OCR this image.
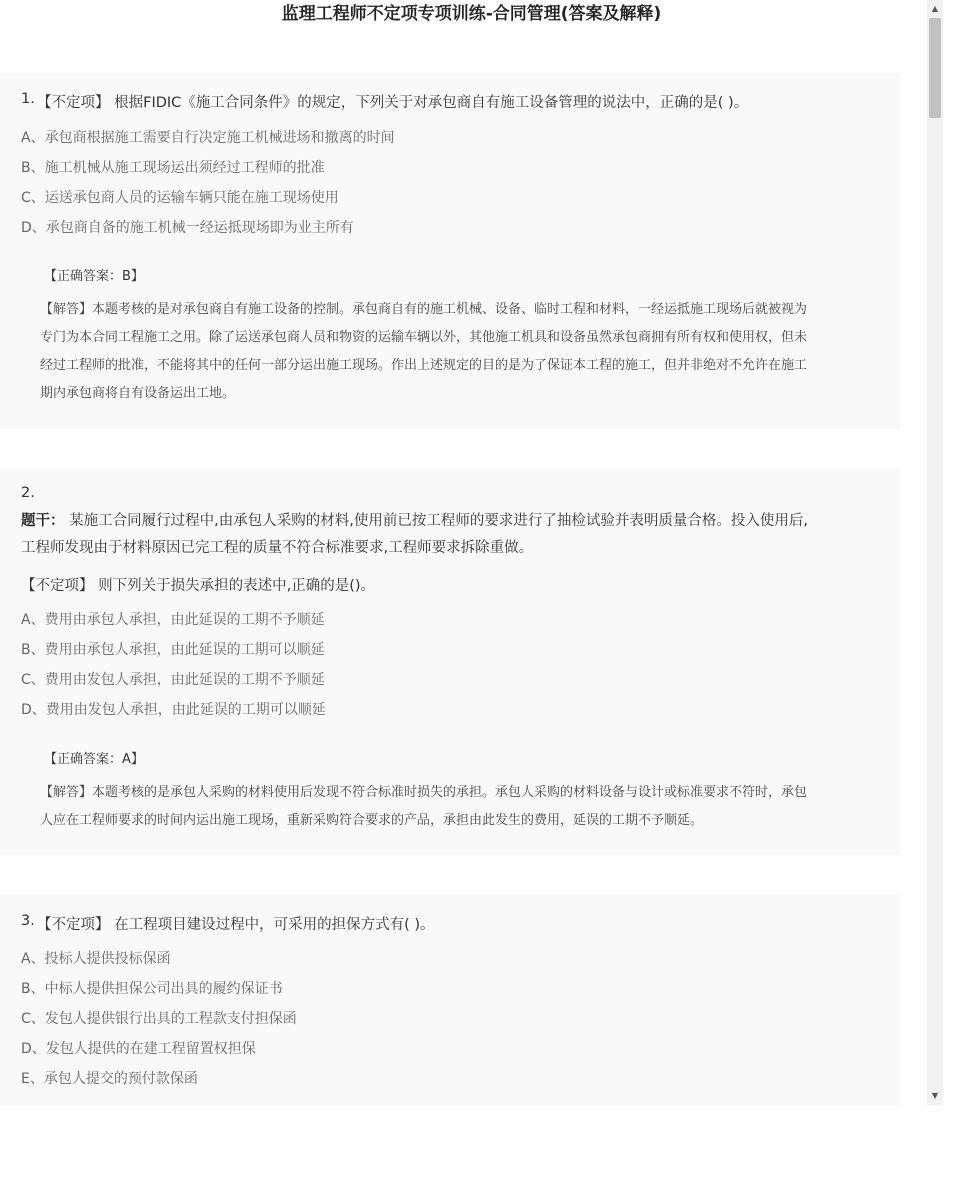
监理工程师不定项专项训练-合同管理(答案及解释)
1. 【不定项】 根据FIDIC《施工合同条件》的规定，下列关于对承包商自有施工设备管理的说法中，正确的是( )。
A、承包商根据施工需要自行决定施工机械进场和撤离的时间
B、施工机械从施工现场运出须经过工程师的批准
C、运送承包商人员的运输车辆只能在施工现场使用
D、承包商自备的施工机械一经运抵现场即为业主所有
【正确答案：B】
【解答】本题考核的是对承包商自有施工设备的控制。承包商自有的施工机械、设备、临时工程和材料，一经运抵施工现场后就被视为
专门为本合同工程施工之用。除了运送承包商人员和物资的运输车辆以外，其他施工机具和设备虽然承包商拥有所有权和使用权，但未
经过工程师的批准，不能将其中的任何一部分运出施工现场。作出上述规定的目的是为了保证本工程的施工，但并非绝对不允许在施工
期内承包商将自有设备运出工地。
2.
题干： 某施工合同履行过程中,由承包人采购的材料,使用前已按工程师的要求进行了抽检试验并表明质量合格。投入使用后,
工程师发现由于材料原因已完工程的质量不符合标准要求,工程师要求拆除重做。
【不定项】 则下列关于损失承担的表述中,正确的是()。
A、费用由承包人承担，由此延误的工期不予顺延
B、费用由承包人承担，由此延误的工期可以顺延
C、费用由发包人承担，由此延误的工期不予顺延
D、费用由发包人承担，由此延误的工期可以顺延
【正确答案：A】
【解答】本题考核的是承包人采购的材料使用后发现不符合标准时损失的承担。承包人采购的材料设备与设计或标准要求不符时，承包
人应在工程师要求的时间内运出施工现场，重新采购符合要求的产品，承担由此发生的费用，延误的工期不予顺延。
3. 【不定项】 在工程项目建设过程中，可采用的担保方式有( )。
A、投标人提供投标保函
B、中标人提供担保公司出具的履约保证书
C、发包人提供银行出具的工程款支付担保函
D、发包人提供的在建工程留置权担保
E、承包人提交的预付款保函
▲
▼
